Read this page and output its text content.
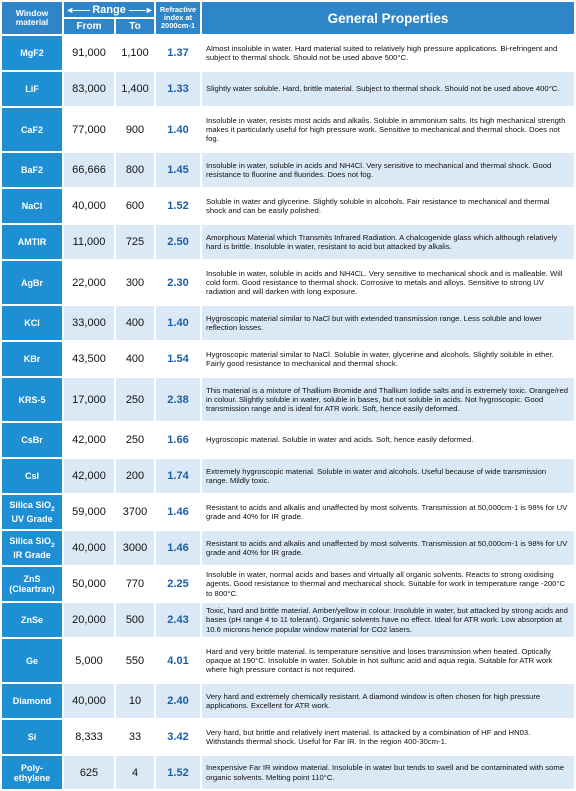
Window material	◄—— Range ——►		Refractive index at 2000cm-1	General Properties
	From	To		
MgF2	91,000	1,100	1.37	Almost insoluble in water. Hard material suited to relatively high pressure applications. Bi-refringent and subject to thermal shock. Should not be used above 500°C.
LiF	83,000	1,400	1.33	Slightly water soluble. Hard, brittle material. Subject to thermal shock. Should not be used above 400°C.
CaF2	77,000	900	1.40	Insoluble in water, resists most acids and alkalis. Soluble in ammonium salts. Its high mechanical strength makes it particularly useful for high pressure work. Sensitive to mechanical and thermal shock. Does not fog.
BaF2	66,666	800	1.45	Insoluble in water, soluble in acids and NH4Cl. Very sensitive to mechanical and thermal shock. Good resistance to fluorine and fluorides. Does not fog.
NaCl	40,000	600	1.52	Soluble in water and glycerine. Slightly soluble in alcohols. Fair resistance to mechanical and thermal shock and can be easily polished.
AMTIR	11,000	725	2.50	Amorphous Material which Transmits Infrared Radiation. A chalcogenide glass which although relatively hard is brittle. Insoluble in water, resistant to acid but attacked by alkalis.
AgBr	22,000	300	2.30	Insoluble in water, soluble in acids and NH4CL. Very sensitive to mechanical shock and is malleable. Will cold form. Good resistance to thermal shock. Corrosive to metals and alloys. Sensitive to strong UV radiation and will darken with long exposure.
KCl	33,000	400	1.40	Hygroscopic material similar to NaCl but with extended transmission range. Less soluble and lower reflection losses.
KBr	43,500	400	1.54	Hygroscopic material similar to NaCl. Soluble in water, glycerine and alcohols. Slightly soluble in ether. Fairly good resistance to mechanical and thermal shock.
KRS-5	17,000	250	2.38	This material is a mixture of Thallium Bromide and Thallium Iodide salts and is extremely toxic. Orange/red in colour. Slightly soluble in water, soluble in bases, but not soluble in acids. Not hygroscopic. Good transmission range and is ideal for ATR work. Soft, hence easily deformed.
CsBr	42,000	250	1.66	Hygroscopic material. Soluble in water and acids. Soft, hence easily deformed.
CsI	42,000	200	1.74	Extremely hygroscopic material. Soluble in water and alcohols. Useful because of wide transmission range. Mildly toxic.
Silica SiO$_2$
UV Grade	59,000	3700	1.46	Resistant to acids and alkalis and unaffected by most solvents. Transmission at 50,000cm-1 is 98% for UV grade and 40% for IR grade.
Silica SiO$_2$
IR Grade	40,000	3000	1.46	Resistant to acids and alkalis and unaffected by most solvents. Transmission at 50,000cm-1 is 98% for UV grade and 40% for IR grade.
ZnS
(Cleartran)	50,000	770	2.25	Insoluble in water, normal acids and bases and virtually all organic solvents. Reacts to strong oxidising agents. Good resistance to thermal and mechanical shock. Suitable for work in temperature range -200°C to 800°C.
ZnSe	20,000	500	2.43	Toxic, hard and brittle material. Amber/yellow in colour. Insoluble in water, but attacked by strong acids and bases (pH range 4 to 11 tolerant). Organic solvents have no effect. Ideal for ATR work. Low absorption at 10.6 microns hence popular window material for CO2 lasers.
Ge	5,000	550	4.01	Hard and very brittle material. Is temperature sensitive and loses transmission when heated. Optically opaque at 190°C. Insoluble in water. Soluble in hot sulfuric acid and aqua regia. Suitable for ATR work where high pressure contact is not required.
Diamond	40,000	10	2.40	Very hard and extremely chemically resistant. A diamond window is often chosen for high pressure applications. Excellent for ATR work.
Si	8,333	33	3.42	Very hard, but brittle and relatively inert material. Is attacked by a combination of HF and HN03. Withstands thermal shock. Useful for Far IR. In the region 400-30cm-1.
Poly-
ethylene	625	4	1.52	Inexpensive Far IR window material. Insoluble in water but tends to swell and be contaminated with some organic solvents. Melting point 110°C.
